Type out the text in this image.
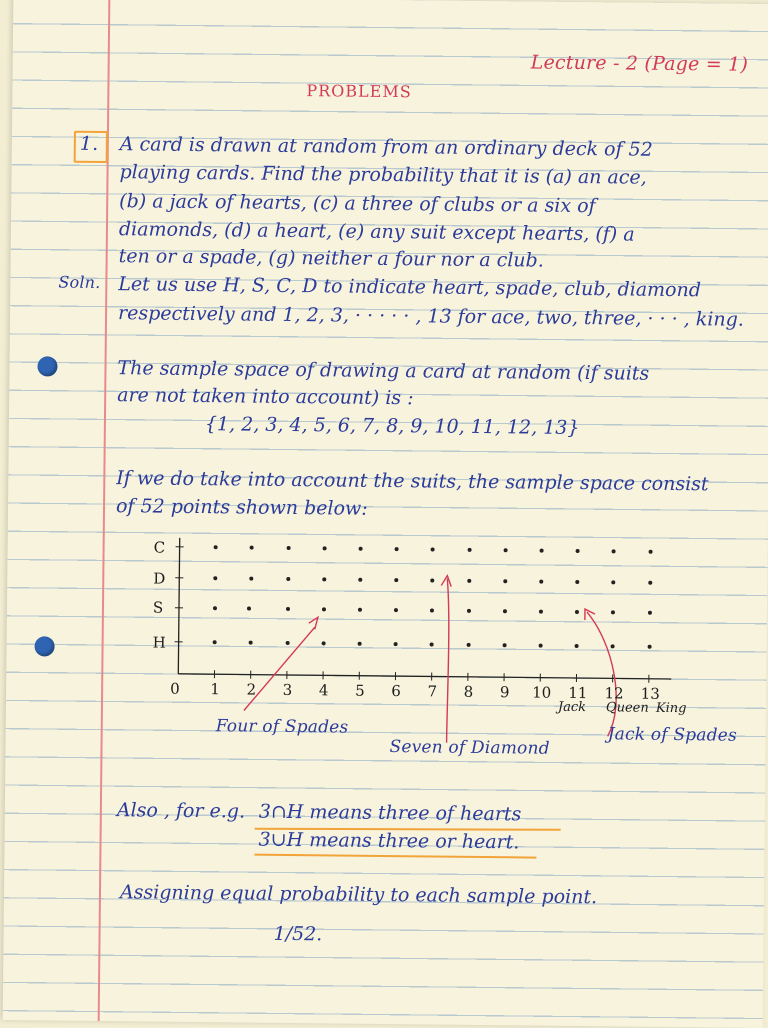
Lecture - 2 (Page = 1)
PROBLEMS
1. A card is drawn at random from an ordinary deck of 52
playing cards. Find the probability that it is (a) an ace,
(b) a jack of hearts, (c) a three of clubs or a six of
diamonds, (d) a heart, (e) any suit except hearts, (f) a
ten or a spade, (g) neither a four nor a club.
Soln. Let us use H, S, C, D to indicate heart, spade, club, diamond
respectively and 1, 2, 3, · · · · · , 13 for ace, two, three, · · · , king.
The sample space of drawing a card at random (if suits
are not taken into account) is :
{1, 2, 3, 4, 5, 6, 7, 8, 9, 10, 11, 12, 13}
If we do take into account the suits, the sample space consist
of 52 points shown below:
C
D
S
H
0 1 2 3 4 5 6 7 8 9 10 11 12 13
Jack Queen King
Four of Spades
Seven of Diamond
Jack of Spades
Also , for e.g. 3∩H means three of hearts
3∪H means three or heart.
Assigning equal probability to each sample point.
1/52.
